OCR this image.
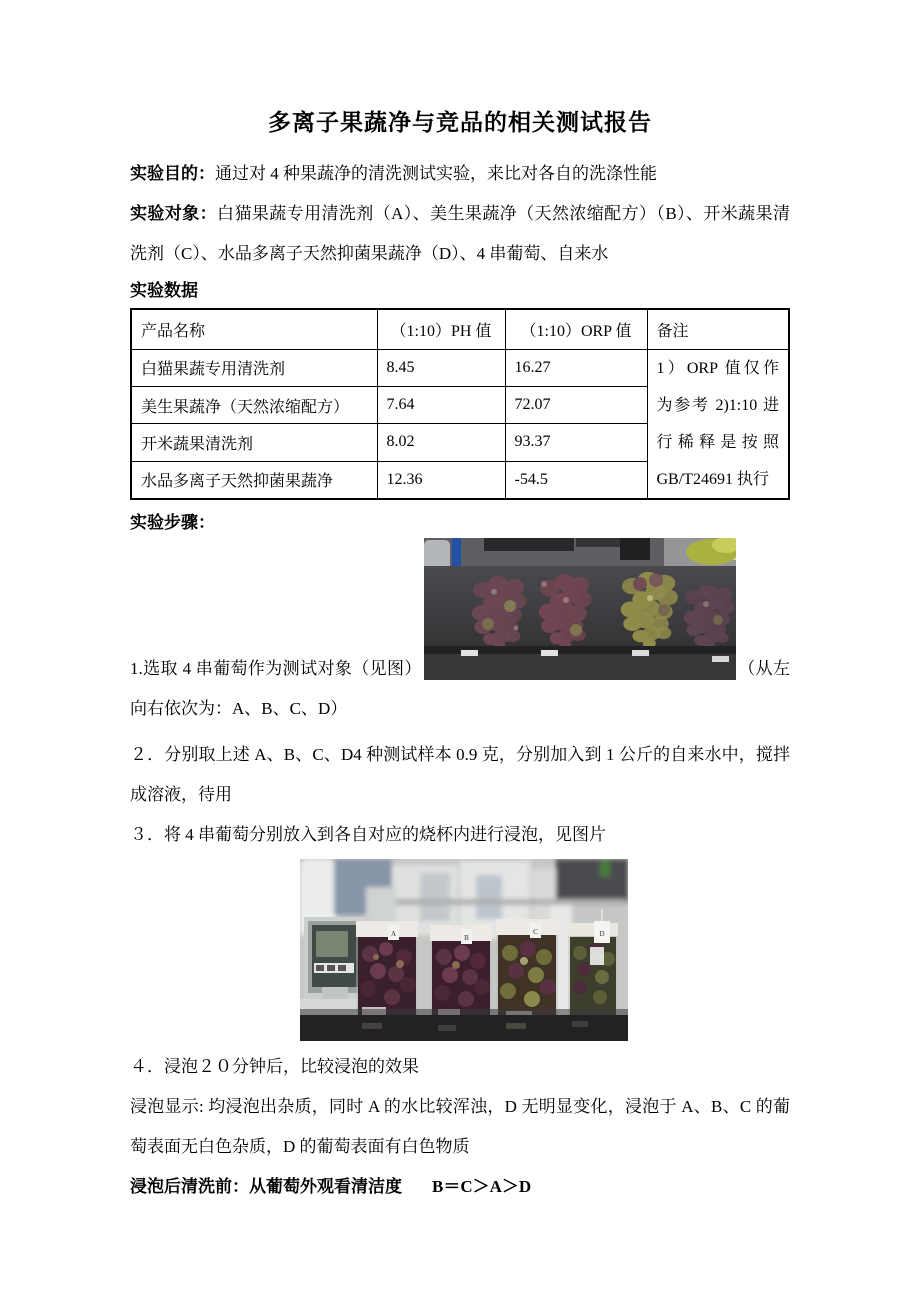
多离子果蔬净与竞品的相关测试报告

实验目的：通过对 4 种果蔬净的清洗测试实验，来比对各自的洗涤性能

实验对象：白猫果蔬专用清洗剂（A）、美生果蔬净（天然浓缩配方）（B）、开米蔬果清洗剂（C）、水品多离子天然抑菌果蔬净（D）、4 串葡萄、自来水

实验数据
产品名称	（1:10）PH 值	（1:10）ORP 值	备注
白猫果蔬专用清洗剂	8.45	16.27	1）ORP 值仅作为参考 2)1:10 进行稀释是按照 GB/T24691 执行
美生果蔬净（天然浓缩配方）	7.64	72.07	
开米蔬果清洗剂	8.02	93.37	
水品多离子天然抑菌果蔬净	12.36	-54.5	
实验步骤：

1.选取 4 串葡萄作为测试对象（见图）	（从左向右依次为：A、B、C、D）

２．分别取上述 A、B、C、D4 种测试样本 0.9 克，分别加入到 1 公斤的自来水中，搅拌成溶液，待用

３．将 4 串葡萄分别放入到各自对应的烧杯内进行浸泡，见图片

A	B
C	D

４．浸泡２０分钟后，比较浸泡的效果

浸泡显示: 均浸泡出杂质，同时 A 的水比较浑浊，D 无明显变化，浸泡于 A、B、C 的葡萄表面无白色杂质，D 的葡萄表面有白色物质

浸泡后清洗前：从葡萄外观看清洁度 B＝C＞A＞D
